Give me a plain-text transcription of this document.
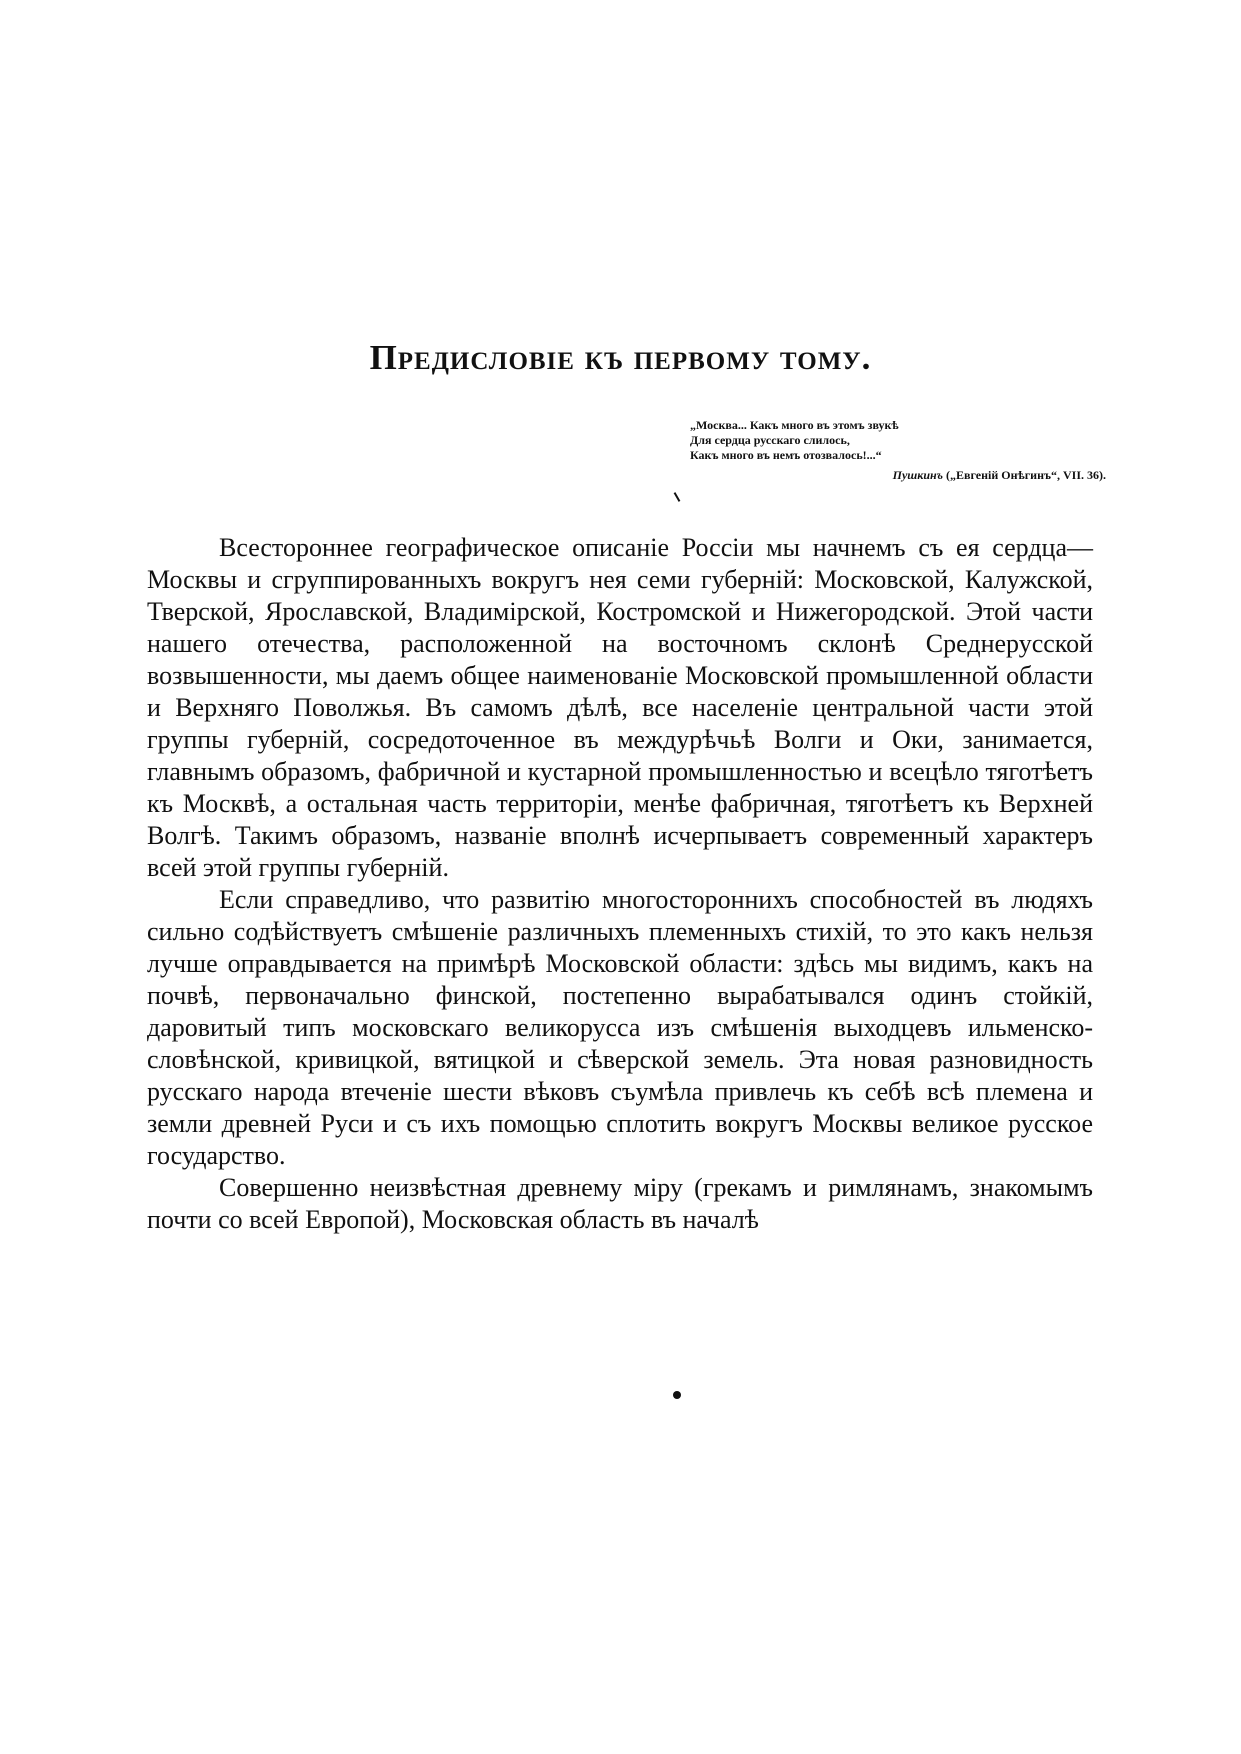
Предисловіе къ первому тому.
„Москва... Какъ много въ этомъ звукѣ
Для сердца русскаго слилось,
Какъ много въ немъ отозвалось!...“
Пушкинъ („Евгеній Онѣгинъ“, VII. 36).

Всестороннее географическое описаніе Россіи мы начнемъ съ ея сердца—Москвы и сгруппированныхъ вокругъ нея семи губерній: Московской, Калужской, Тверской, Ярославской, Владимірской, Костромской и Нижегородской. Этой части нашего отечества, расположенной на восточномъ склонѣ Среднерусской возвышенности, мы даемъ общее наименованіе Московской промышленной области и Верхняго Поволжья. Въ самомъ дѣлѣ, все населеніе центральной части этой группы губерній, сосредоточенное въ междурѣчьѣ Волги и Оки, занимается, главнымъ образомъ, фабричной и кустарной промышленностью и всецѣло тяготѣетъ къ Москвѣ, а остальная часть территоріи, менѣе фабричная, тяготѣетъ къ Верхней Волгѣ. Такимъ образомъ, названіе вполнѣ исчерпываетъ современный характеръ всей этой группы губерній.

Если справедливо, что развитію многостороннихъ способностей въ людяхъ сильно содѣйствуетъ смѣшеніе различныхъ племенныхъ стихій, то это какъ нельзя лучше оправдывается на примѣрѣ Московской области: здѣсь мы видимъ, какъ на почвѣ, первоначально финской, постепенно вырабатывался одинъ стойкій, даровитый типъ московскаго великорусса изъ смѣшенія выходцевъ ильменско-словѣнской, кривицкой, вятицкой и сѣверской земель. Эта новая разновидность русскаго народа втеченіе шести вѣковъ съумѣла привлечь къ себѣ всѣ племена и земли древней Руси и съ ихъ помощью сплотить вокругъ Москвы великое русское государство.

Совершенно неизвѣстная древнему міру (грекамъ и римлянамъ, знакомымъ почти со всей Европой), Московская область въ началѣ
